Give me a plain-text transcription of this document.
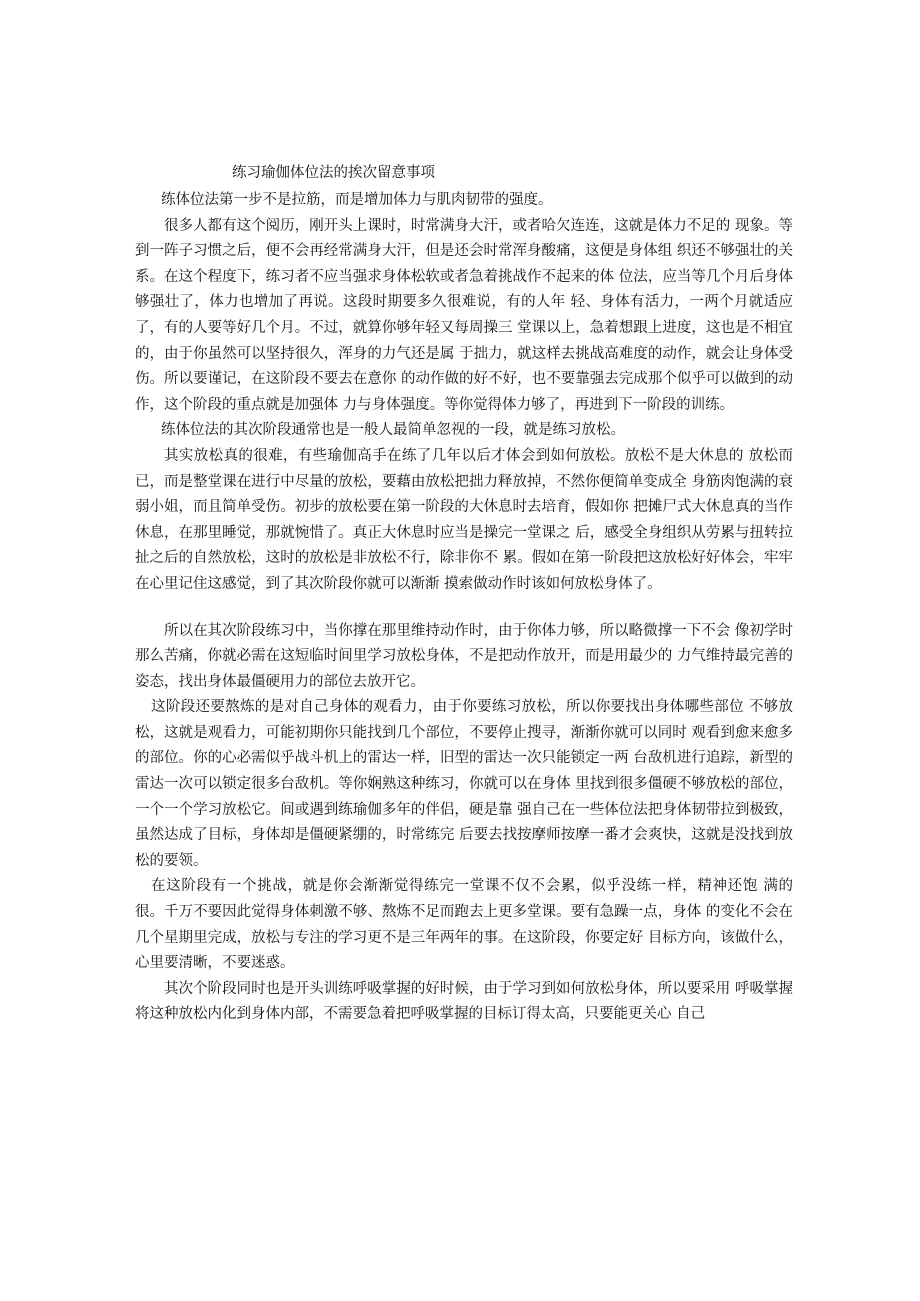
练习瑜伽体位法的挨次留意事项

练体位法第一步不是拉筋，而是增加体力与肌肉韧带的强度。

很多人都有这个阅历，刚开头上课时，时常满身大汗，或者哈欠连连，这就是体力不足的 现象。等到一阵子习惯之后，便不会再经常满身大汗，但是还会时常浑身酸痛，这便是身体组 织还不够强壮的关系。在这个程度下，练习者不应当强求身体松软或者急着挑战作不起来的体 位法，应当等几个月后身体够强壮了，体力也增加了再说。这段时期要多久很难说，有的人年 轻、身体有活力，一两个月就适应了，有的人要等好几个月。不过，就算你够年轻又每周操三 堂课以上，急着想跟上进度，这也是不相宜的，由于你虽然可以坚持很久，浑身的力气还是属 于拙力，就这样去挑战高难度的动作，就会让身体受伤。所以要谨记，在这阶段不要去在意你 的动作做的好不好，也不要靠强去完成那个似乎可以做到的动作，这个阶段的重点就是加强体 力与身体强度。等你觉得体力够了，再进到下一阶段的训练。

练体位法的其次阶段通常也是一般人最简单忽视的一段，就是练习放松。

其实放松真的很难，有些瑜伽高手在练了几年以后才体会到如何放松。放松不是大休息的 放松而已，而是整堂课在进行中尽量的放松，要藉由放松把拙力释放掉，不然你便简单变成全 身筋肉饱满的衰弱小姐，而且简单受伤。初步的放松要在第一阶段的大休息时去培育，假如你 把摊尸式大休息真的当作休息，在那里睡觉，那就惋惜了。真正大休息时应当是操完一堂课之 后，感受全身组织从劳累与扭转拉扯之后的自然放松，这时的放松是非放松不行，除非你不 累。假如在第一阶段把这放松好好体会，牢牢在心里记住这感觉，到了其次阶段你就可以渐渐 摸索做动作时该如何放松身体了。

所以在其次阶段练习中，当你撑在那里维持动作时，由于你体力够，所以略微撑一下不会 像初学时那么苦痛，你就必需在这短临时间里学习放松身体，不是把动作放开，而是用最少的 力气维持最完善的姿态，找出身体最僵硬用力的部位去放开它。

这阶段还要熬炼的是对自己身体的观看力，由于你要练习放松，所以你要找出身体哪些部位 不够放松，这就是观看力，可能初期你只能找到几个部位，不要停止搜寻，渐渐你就可以同时 观看到愈来愈多的部位。你的心必需似乎战斗机上的雷达一样，旧型的雷达一次只能锁定一两 台敌机进行追踪，新型的雷达一次可以锁定很多台敌机。等你娴熟这种练习，你就可以在身体 里找到很多僵硬不够放松的部位，一个一个学习放松它。间或遇到练瑜伽多年的伴侣，硬是靠 强自己在一些体位法把身体韧带拉到极致，虽然达成了目标，身体却是僵硬紧绷的，时常练完 后要去找按摩师按摩一番才会爽快，这就是没找到放松的要领。

在这阶段有一个挑战，就是你会渐渐觉得练完一堂课不仅不会累，似乎没练一样，精神还饱 满的很。千万不要因此觉得身体刺激不够、熬炼不足而跑去上更多堂课。要有急躁一点，身体 的变化不会在几个星期里完成，放松与专注的学习更不是三年两年的事。在这阶段，你要定好 目标方向，该做什么，心里要清晰，不要迷惑。

其次个阶段同时也是开头训练呼吸掌握的好时候，由于学习到如何放松身体，所以要采用 呼吸掌握将这种放松内化到身体内部，不需要急着把呼吸掌握的目标订得太高，只要能更关心 自己
